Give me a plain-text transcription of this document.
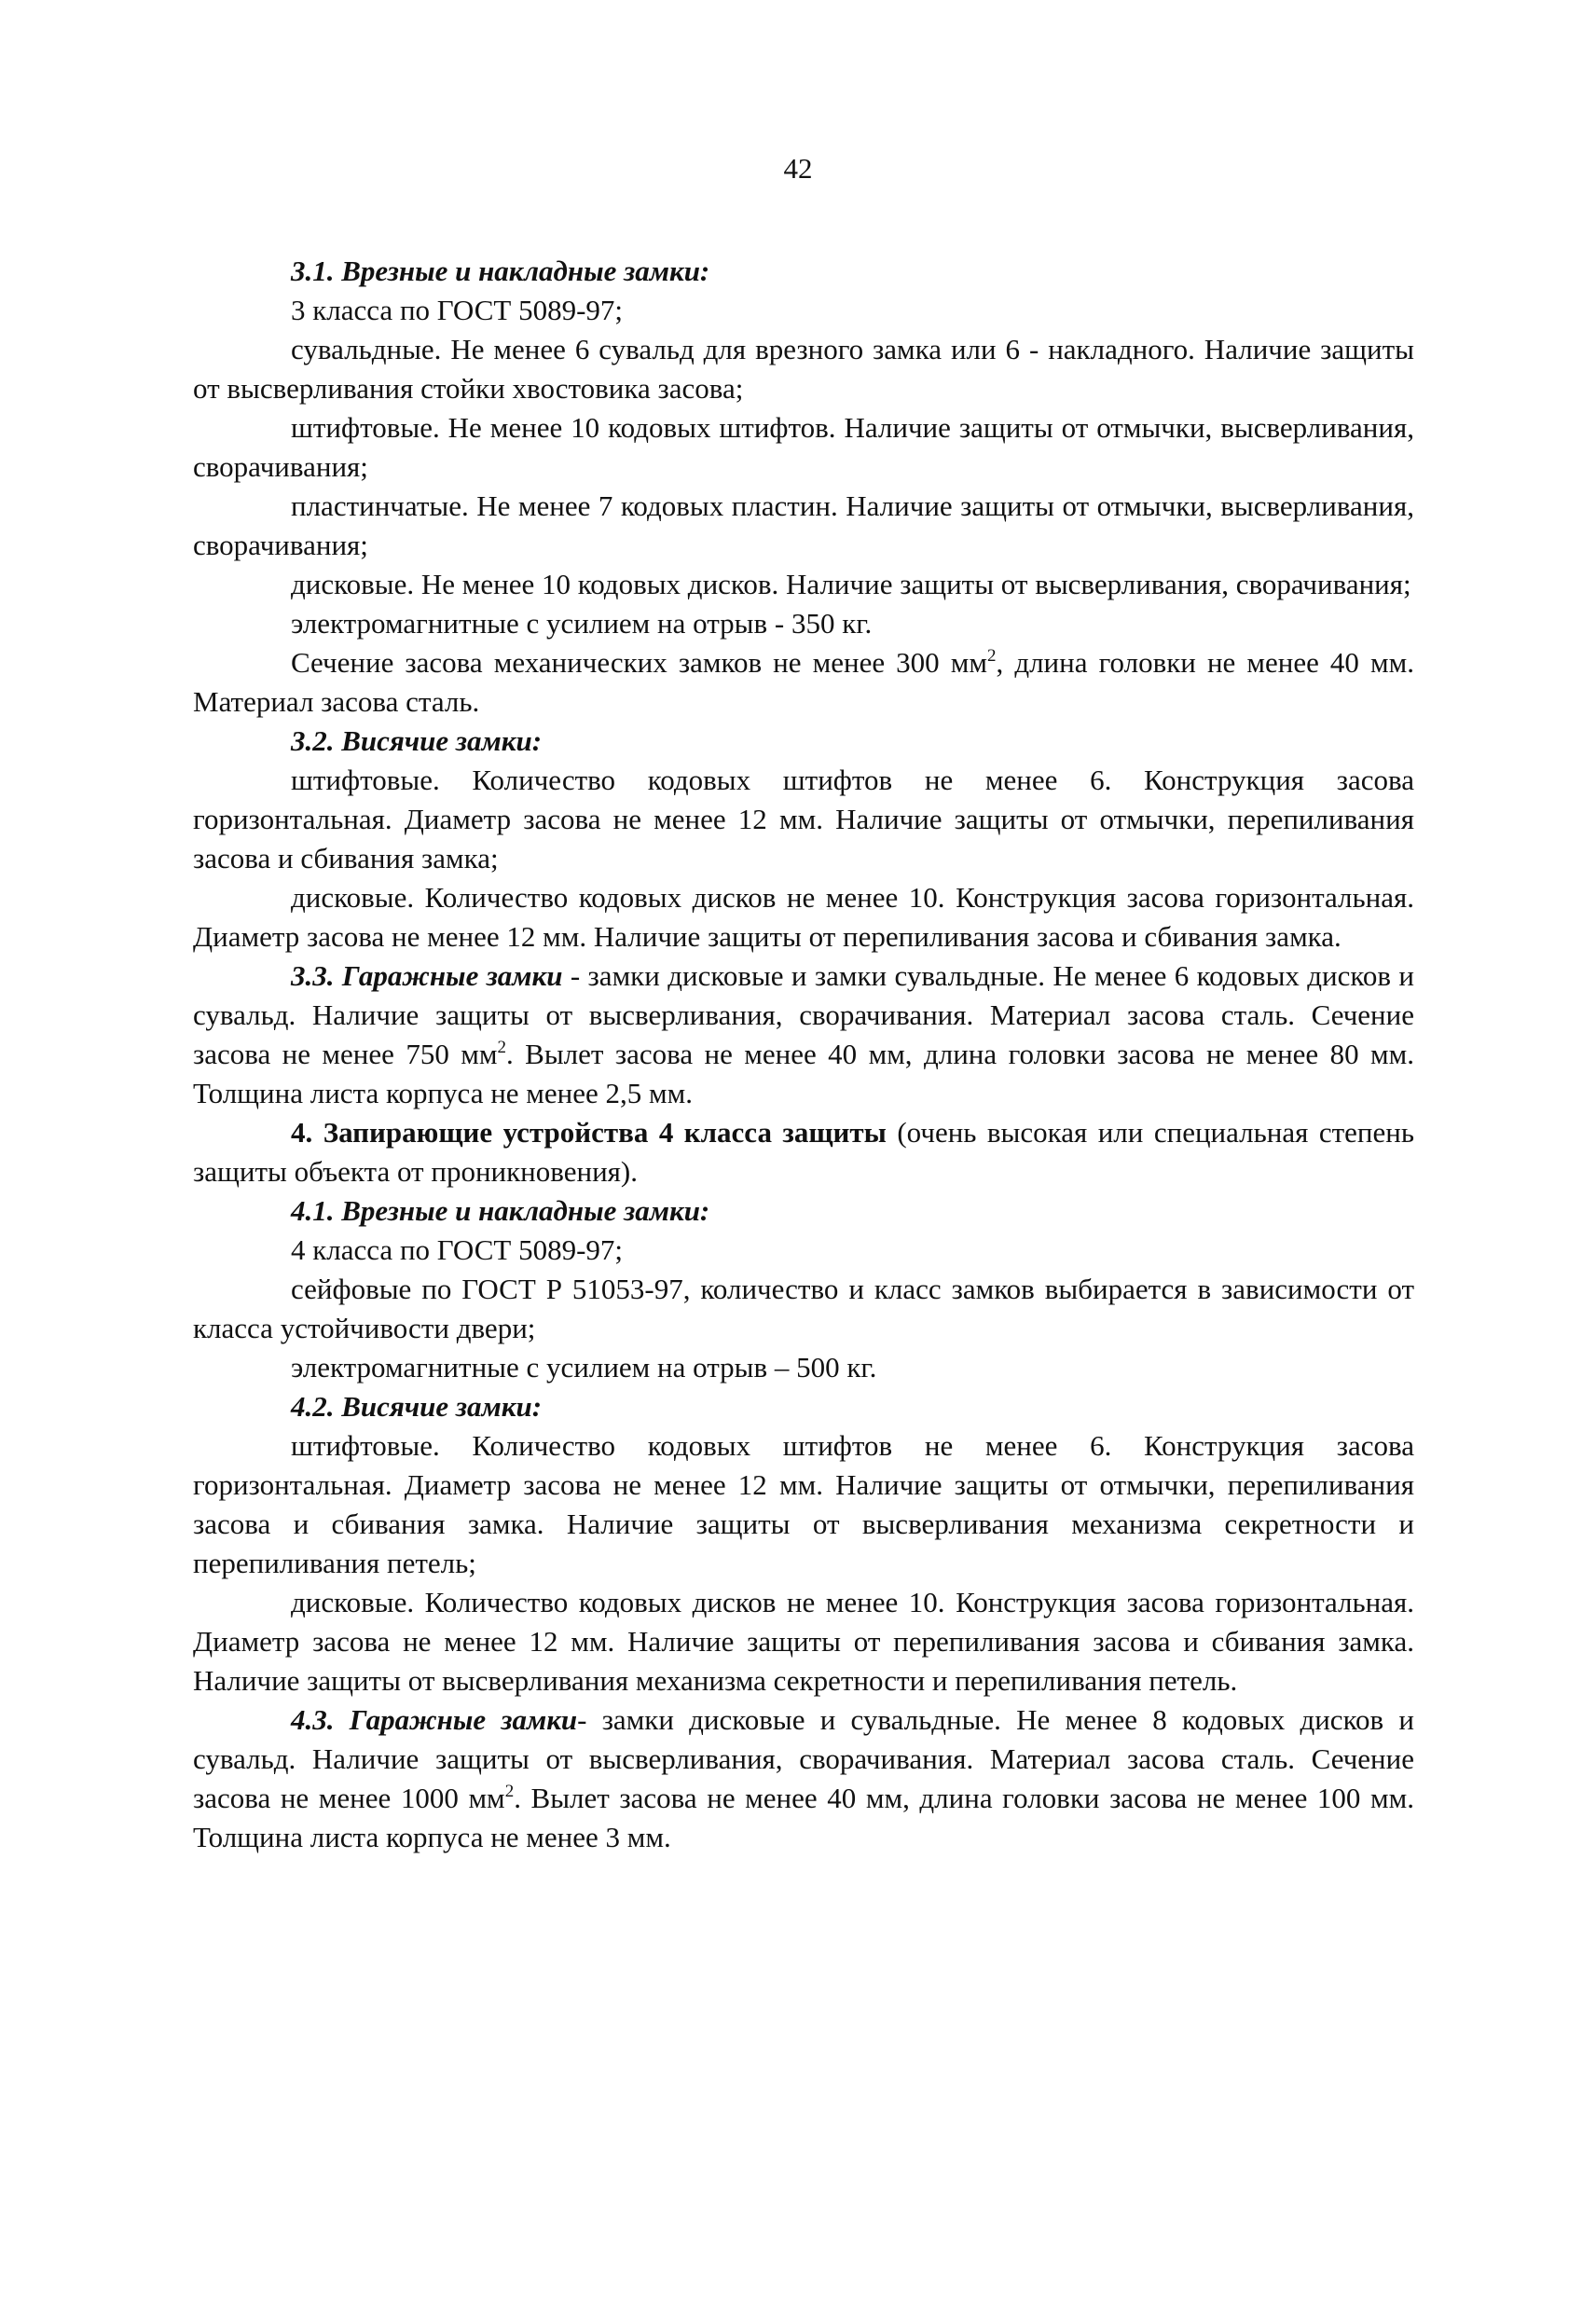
42

3.1. Врезные и накладные замки:

3 класса по ГОСТ 5089-97;

сувальдные. Не менее 6 сувальд для врезного замка или 6 - накладного. Наличие защиты от высверливания стойки хвостовика засова;

штифтовые. Не менее 10 кодовых штифтов. Наличие защиты от отмычки, высверливания, сворачивания;

пластинчатые. Не менее 7 кодовых пластин. Наличие защиты от отмычки, высверливания, сворачивания;

дисковые. Не менее 10 кодовых дисков. Наличие защиты от высверливания, сворачивания;

электромагнитные с усилием на отрыв - 350 кг.

Сечение засова механических замков не менее 300 $мм^2$, длина головки не менее 40 мм. Материал засова сталь.

3.2. Висячие замки:

штифтовые. Количество кодовых штифтов не менее 6. Конструкция засова горизонтальная. Диаметр засова не менее 12 мм. Наличие защиты от отмычки, перепиливания засова и сбивания замка;

дисковые. Количество кодовых дисков не менее 10. Конструкция засова горизонтальная. Диаметр засова не менее 12 мм. Наличие защиты от перепиливания засова и сбивания замка.

3.3. Гаражные замки - замки дисковые и замки сувальдные. Не менее 6 кодовых дисков и сувальд. Наличие защиты от высверливания, сворачивания. Материал засова сталь. Сечение засова не менее 750 $мм^2$. Вылет засова не менее 40 мм, длина головки засова не менее 80 мм. Толщина листа корпуса не менее 2,5 мм.

4. Запирающие устройства 4 класса защиты (очень высокая или специальная степень защиты объекта от проникновения).

4.1. Врезные и накладные замки:

4 класса по ГОСТ 5089-97;

сейфовые по ГОСТ Р 51053-97, количество и класс замков выбирается в зависимости от класса устойчивости двери;

электромагнитные с усилием на отрыв – 500 кг.

4.2. Висячие замки:

штифтовые. Количество кодовых штифтов не менее 6. Конструкция засова горизонтальная. Диаметр засова не менее 12 мм. Наличие защиты от отмычки, перепиливания засова и сбивания замка. Наличие защиты от высверливания механизма секретности и перепиливания петель;

дисковые. Количество кодовых дисков не менее 10. Конструкция засова горизонтальная. Диаметр засова не менее 12 мм. Наличие защиты от перепиливания засова и сбивания замка. Наличие защиты от высверливания механизма секретности и перепиливания петель.

4.3. Гаражные замки- замки дисковые и сувальдные. Не менее 8 кодовых дисков и сувальд. Наличие защиты от высверливания, сворачивания. Материал засова сталь. Сечение засова не менее 1000 $мм^2$. Вылет засова не менее 40 мм, длина головки засова не менее 100 мм. Толщина листа корпуса не менее 3 мм.
